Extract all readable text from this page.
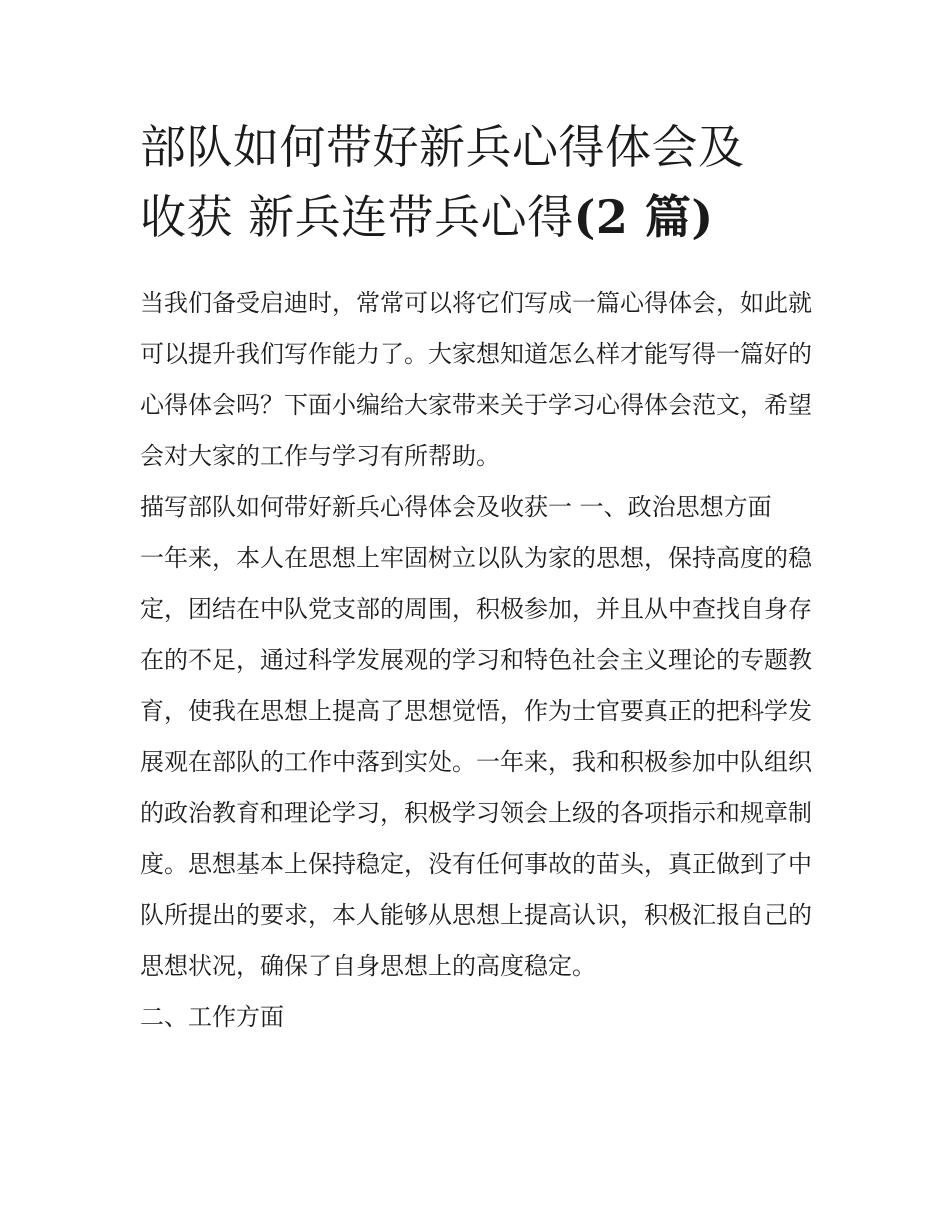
部队如何带好新兵心得体会及
收获 新兵连带兵心得(2 篇)

当我们备受启迪时，常常可以将它们写成一篇心得体会，如此就可以提升我们写作能力了。大家想知道怎么样才能写得一篇好的心得体会吗？下面小编给大家带来关于学习心得体会范文，希望会对大家的工作与学习有所帮助。

描写部队如何带好新兵心得体会及收获一 一、政治思想方面

一年来，本人在思想上牢固树立以队为家的思想，保持高度的稳定，团结在中队党支部的周围，积极参加，并且从中查找自身存在的不足，通过科学发展观的学习和特色社会主义理论的专题教育，使我在思想上提高了思想觉悟，作为士官要真正的把科学发展观在部队的工作中落到实处。一年来，我和积极参加中队组织的政治教育和理论学习，积极学习领会上级的各项指示和规章制度。思想基本上保持稳定，没有任何事故的苗头，真正做到了中队所提出的要求，本人能够从思想上提高认识，积极汇报自己的思想状况，确保了自身思想上的高度稳定。

二、工作方面
